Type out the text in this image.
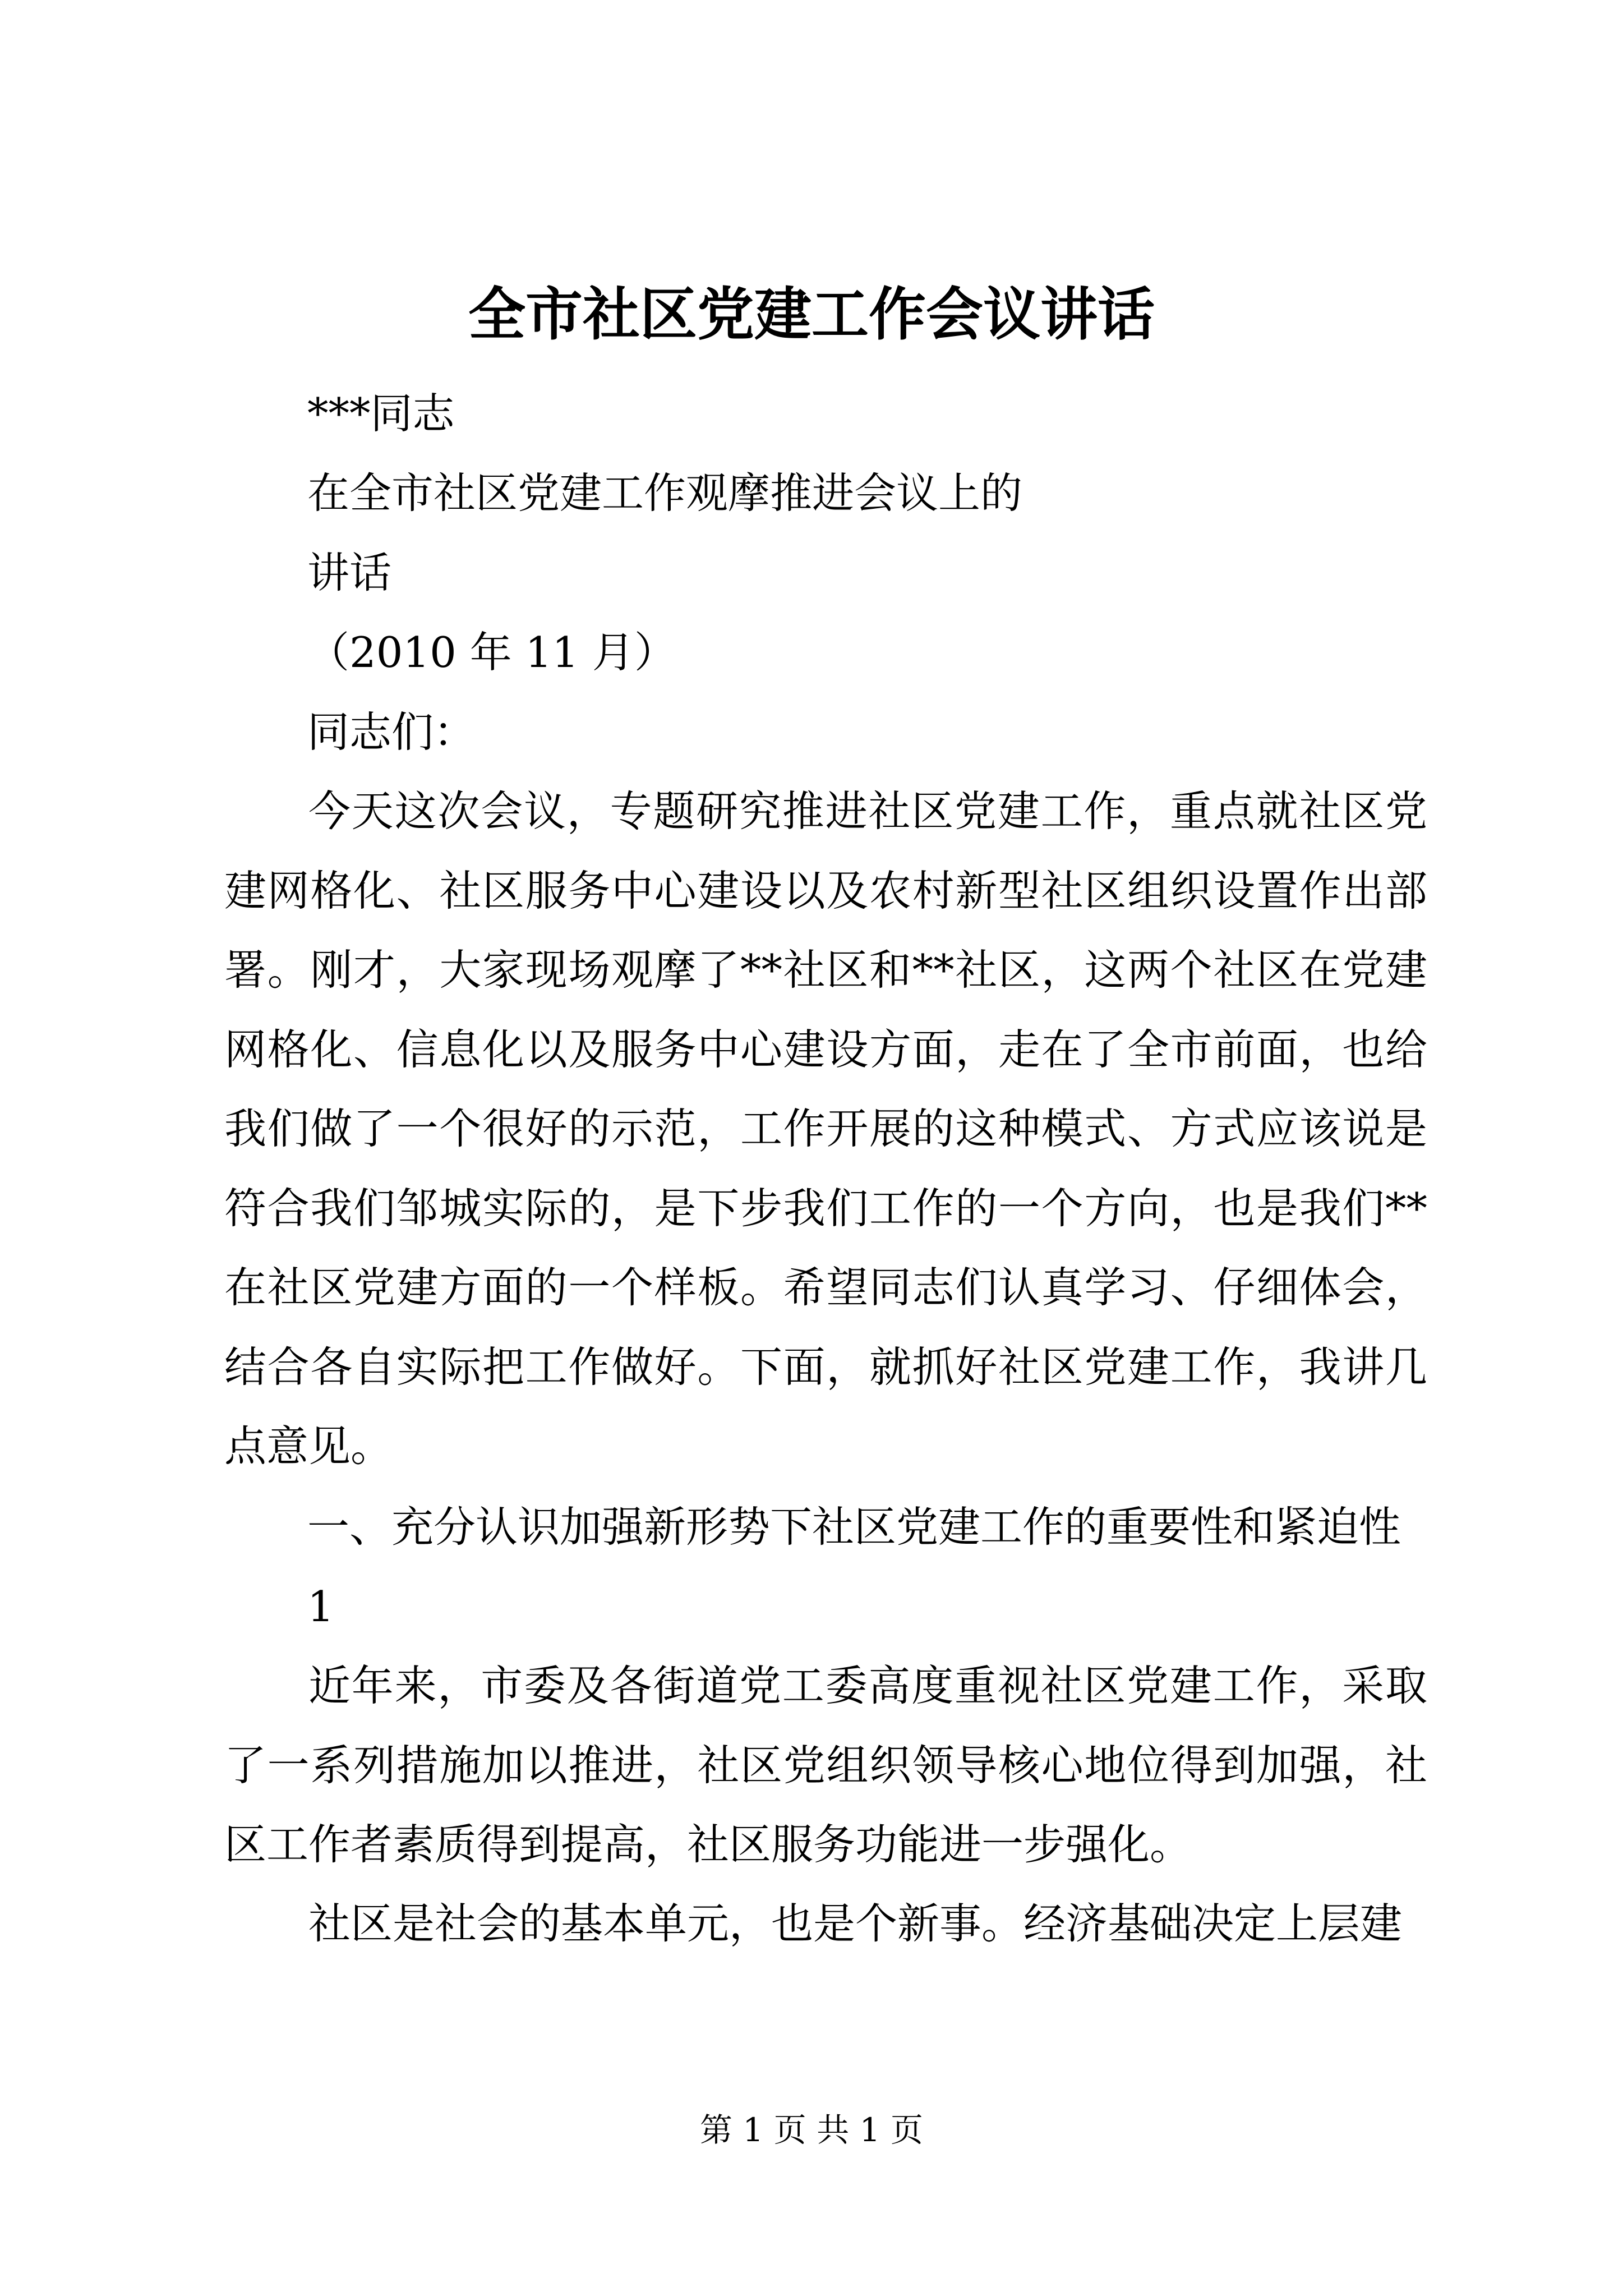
全市社区党建工作会议讲话
***同志
在全市社区党建工作观摩推进会议上的
讲话
（2010 年 11 月）
同志们：
今天这次会议，专题研究推进社区党建工作，重点就社区党建网格化、社区服务中心建设以及农村新型社区组织设置作出部署。刚才，大家现场观摩了**社区和**社区，这两个社区在党建网格化、信息化以及服务中心建设方面，走在了全市前面，也给我们做了一个很好的示范，工作开展的这种模式、方式应该说是符合我们邹城实际的，是下步我们工作的一个方向，也是我们**在社区党建方面的一个样板。希望同志们认真学习、仔细体会，结合各自实际把工作做好。下面，就抓好社区党建工作，我讲几点意见。
一、充分认识加强新形势下社区党建工作的重要性和紧迫性
1
近年来，市委及各街道党工委高度重视社区党建工作，采取了一系列措施加以推进，社区党组织领导核心地位得到加强，社区工作者素质得到提高，社区服务功能进一步强化。
社区是社会的基本单元，也是个新事。经济基础决定上层建
第 1 页 共 1 页
